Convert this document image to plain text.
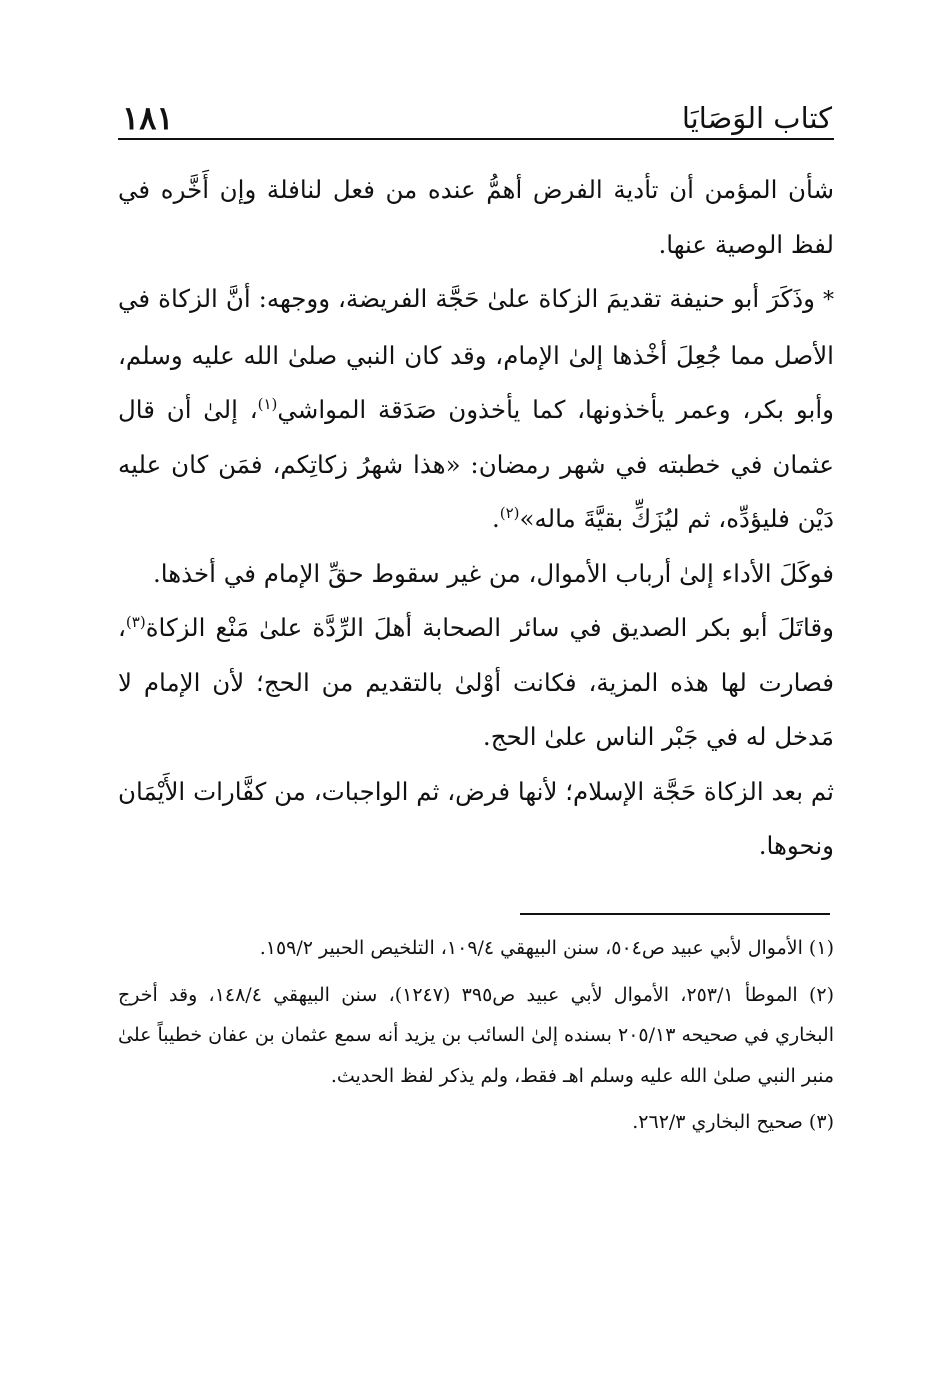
كتاب الوَصَايَا
١٨١

شأن المؤمن أن تأدية الفرض أهمُّ عنده من فعل لنافلة وإن أَخَّره في لفظ الوصية عنها.

* وذَكَرَ أبو حنيفة تقديمَ الزكاة علىٰ حَجَّة الفريضة، ووجهه: أنَّ الزكاة في الأصل مما جُعِلَ أخْذها إلىٰ الإمام، وقد كان النبي صلىٰ الله عليه وسلم، وأبو بكر، وعمر يأخذونها، كما يأخذون صَدَقة المواشي$^{(١)}$، إلىٰ أن قال عثمان في خطبته في شهر رمضان: «هذا شهرُ زكاتِكم، فمَن كان عليه دَيْن فليؤدِّه، ثم ليُزَكِّ بقيَّةَ ماله»$^{(٢)}$.

فوكَلَ الأداء إلىٰ أرباب الأموال، من غير سقوط حقِّ الإمام في أخذها.

وقاتَلَ أبو بكر الصديق في سائر الصحابة أهلَ الرِّدَّة علىٰ مَنْع الزكاة$^{(٣)}$، فصارت لها هذه المزية، فكانت أوْلىٰ بالتقديم من الحج؛ لأن الإمام لا مَدخل له في جَبْر الناس علىٰ الحج.

ثم بعد الزكاة حَجَّة الإسلام؛ لأنها فرض، ثم الواجبات، من كفَّارات الأَيْمَان ونحوها.

(١) الأموال لأبي عبيد ص٥٠٤، سنن البيهقي ١٠٩/٤، التلخيص الحبير ١٥٩/٢.

(٢) الموطأ ٢٥٣/١، الأموال لأبي عبيد ص٣٩٥ (١٢٤٧)، سنن البيهقي ١٤٨/٤، وقد أخرج البخاري في صحيحه ٢٠٥/١٣ بسنده إلىٰ السائب بن يزيد أنه سمع عثمان بن عفان خطيباً علىٰ منبر النبي صلىٰ الله عليه وسلم اهـ فقط، ولم يذكر لفظ الحديث.

(٣) صحيح البخاري ٢٦٢/٣.
